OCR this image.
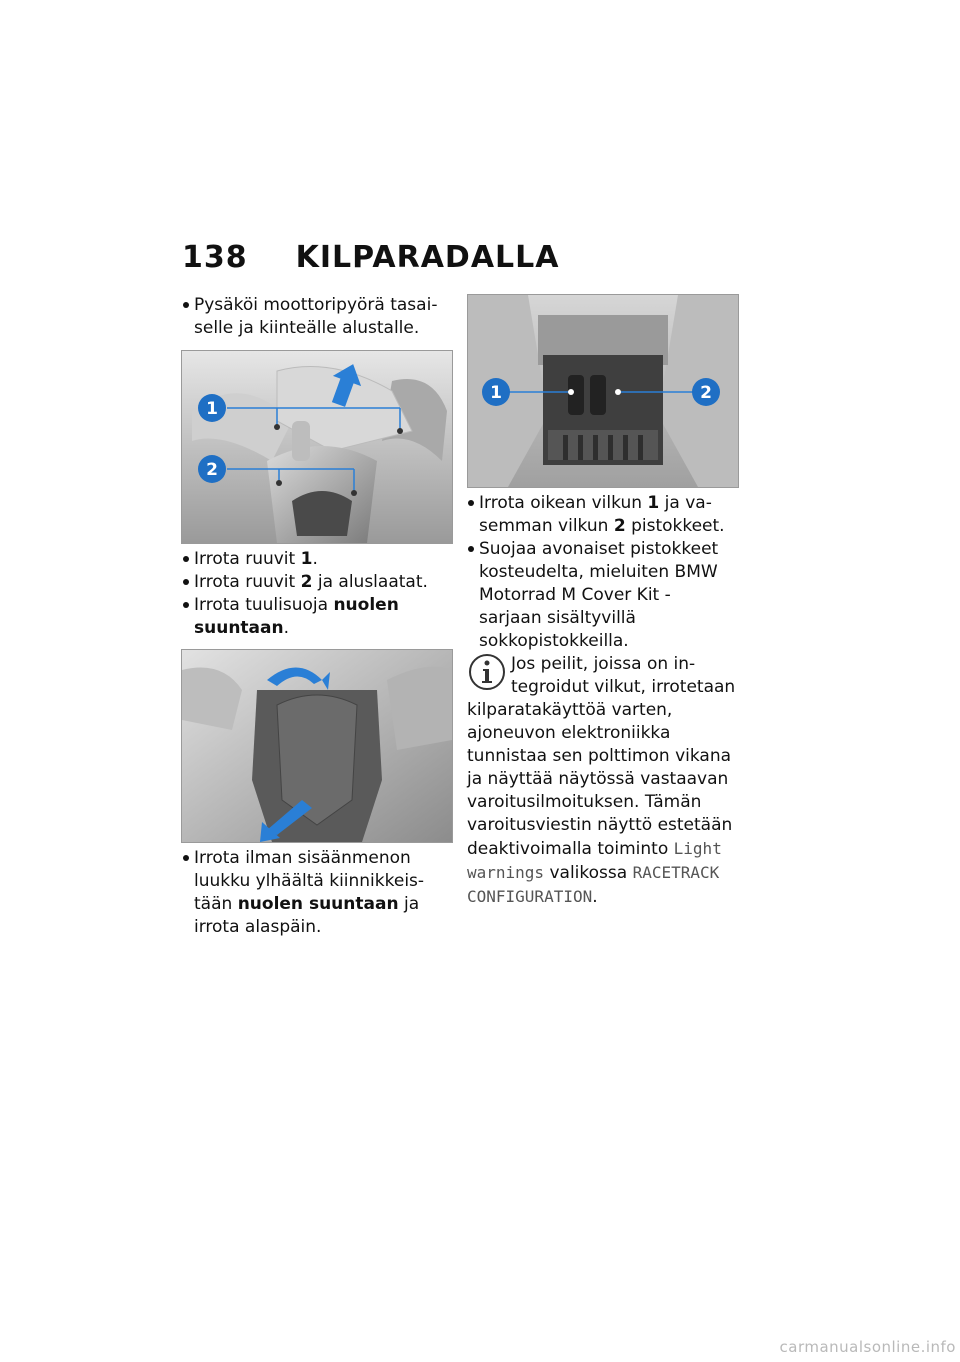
138 KILPARADALLA
Pysäköi moottoripyörä tasaiselle ja kiinteälle alustalle.
1
2
Irrota ruuvit 1.
Irrota ruuvit 2 ja aluslaatat.
Irrota tuulisuoja nuolen suuntaan.
Irrota ilman sisäänmenon luukku ylhäältä kiinnikkeistään nuolen suuntaan ja irrota alaspäin.
1	2
Irrota oikean vilkun 1 ja vasemman vilkun 2 pistokkeet.
Suojaa avonaiset pistokkeet kosteudelta, mieluiten BMW Motorrad M Cover Kit -sarjaan sisältyvillä sokkopistokkeilla.
Jos peilit, joissa on integroidut vilkut, irrotetaan kilparatakäyttöä varten, ajoneuvon elektroniikka tunnistaa sen polttimon vikana ja näyttää näytössä vastaavan varoitusilmoituksen. Tämän varoitusviestin näyttö estetään deaktivoimalla toiminto Light warnings valikossa RACETRACK CONFIGURATION.
carmanualsonline.info
